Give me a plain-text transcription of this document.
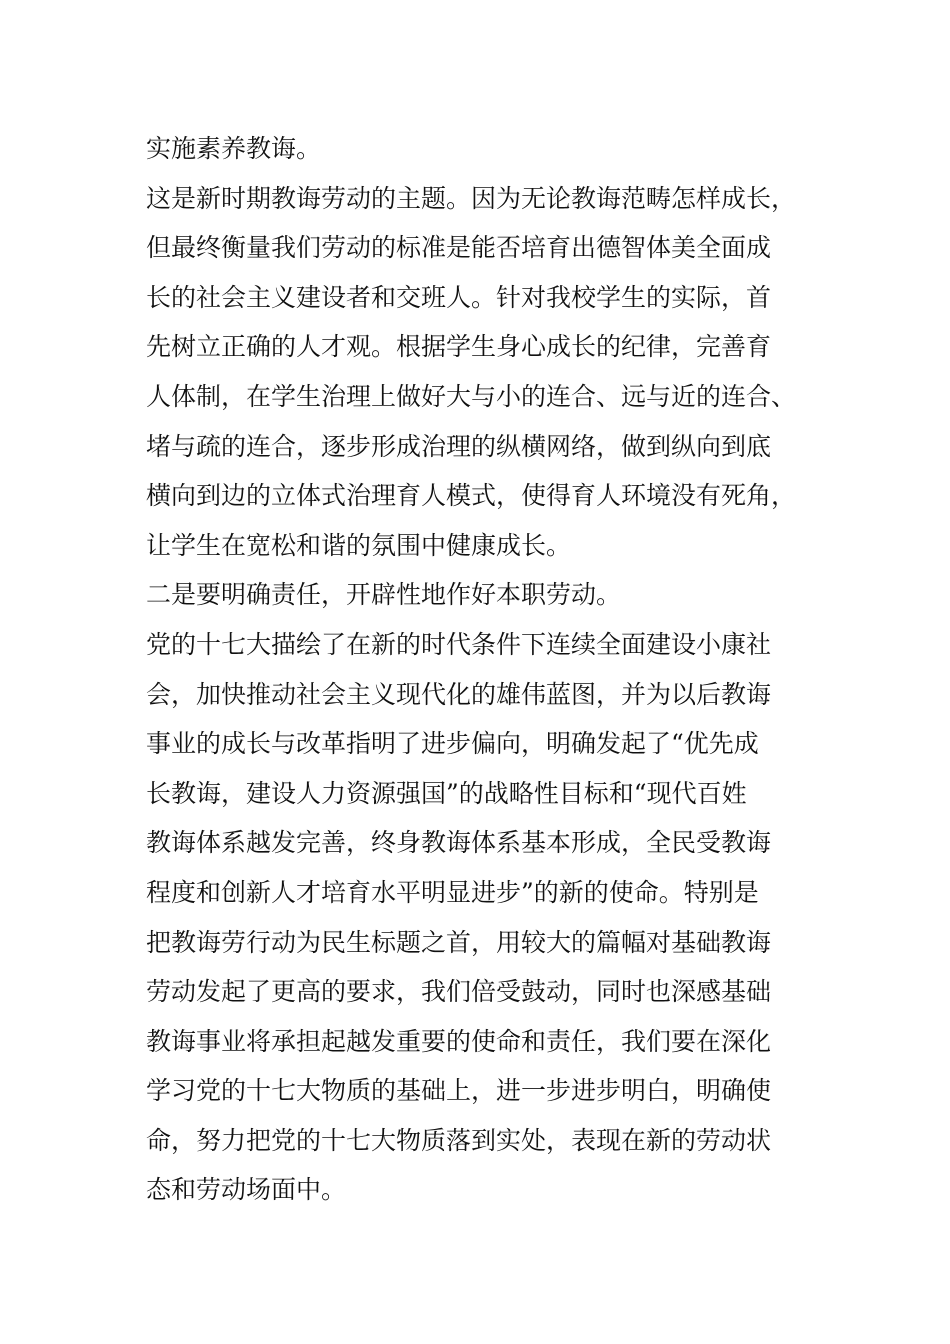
实施素养教诲。
这是新时期教诲劳动的主题。因为无论教诲范畴怎样成长，
但最终衡量我们劳动的标准是能否培育出德智体美全面成
长的社会主义建设者和交班人。针对我校学生的实际，首
先树立正确的人才观。根据学生身心成长的纪律，完善育
人体制，在学生治理上做好大与小的连合、远与近的连合、
堵与疏的连合，逐步形成治理的纵横网络，做到纵向到底
横向到边的立体式治理育人模式，使得育人环境没有死角，
让学生在宽松和谐的氛围中健康成长。
二是要明确责任，开辟性地作好本职劳动。
党的十七大描绘了在新的时代条件下连续全面建设小康社
会，加快推动社会主义现代化的雄伟蓝图，并为以后教诲
事业的成长与改革指明了进步偏向，明确发起了“优先成
长教诲，建设人力资源强国”的战略性目标和“现代百姓
教诲体系越发完善，终身教诲体系基本形成，全民受教诲
程度和创新人才培育水平明显进步”的新的使命。特别是
把教诲劳行动为民生标题之首，用较大的篇幅对基础教诲
劳动发起了更高的要求，我们倍受鼓动，同时也深感基础
教诲事业将承担起越发重要的使命和责任，我们要在深化
学习党的十七大物质的基础上，进一步进步明白，明确使
命，努力把党的十七大物质落到实处，表现在新的劳动状
态和劳动场面中。
